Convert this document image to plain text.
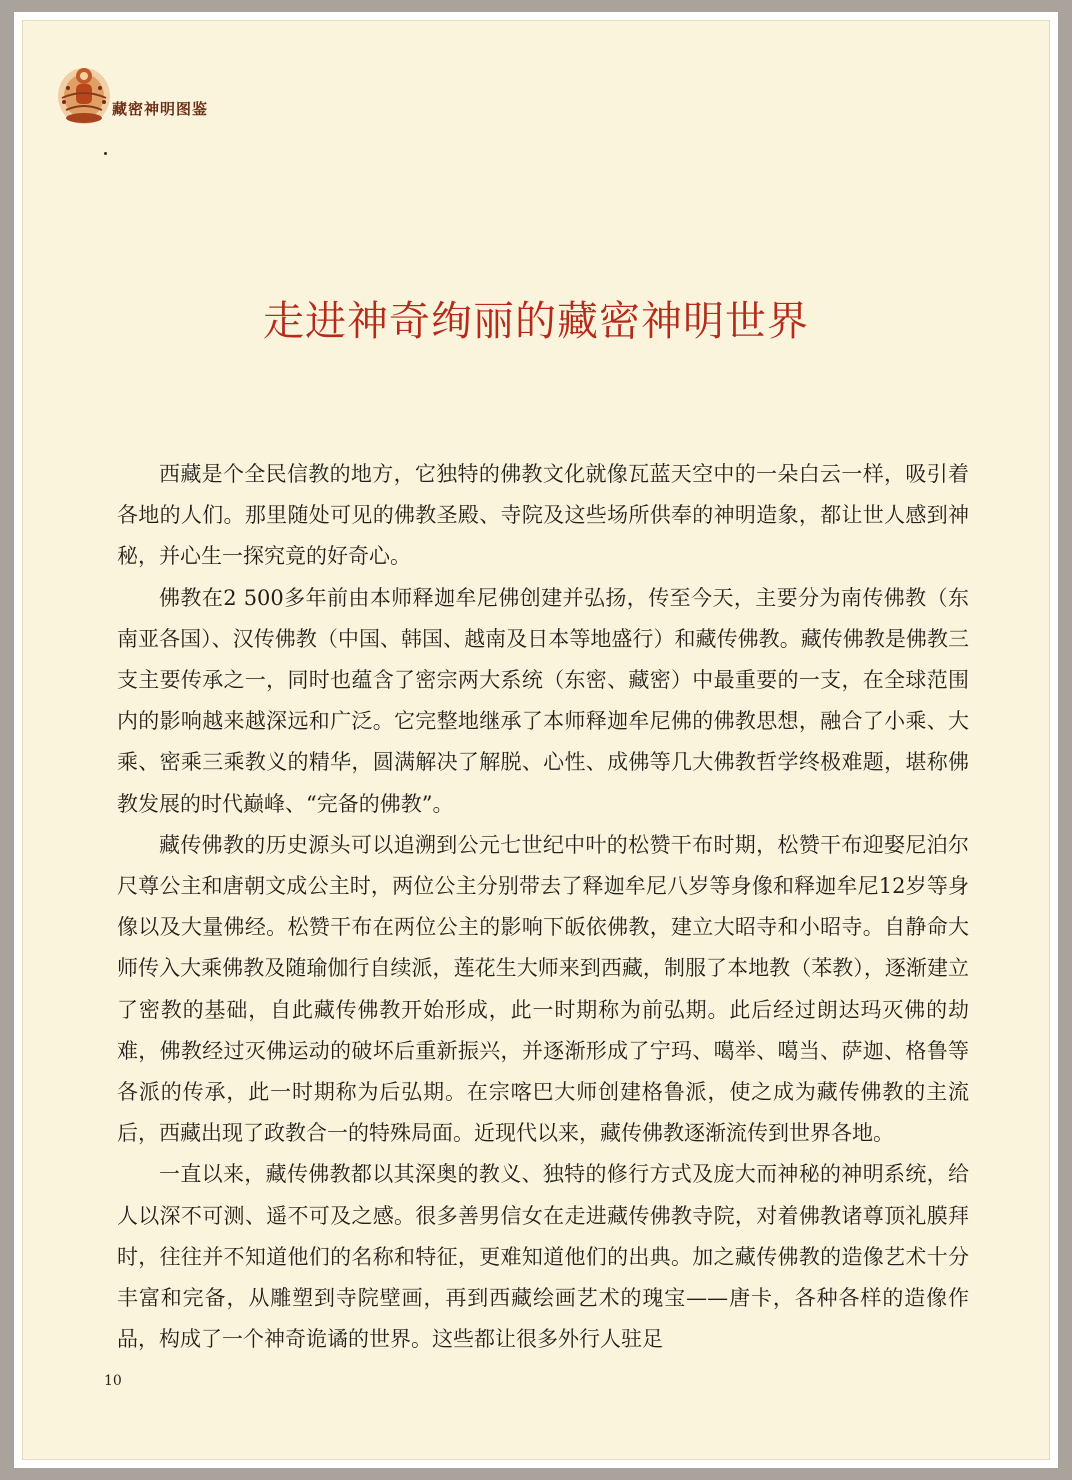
藏密神明图鉴
走进神奇绚丽的藏密神明世界

西藏是个全民信教的地方，它独特的佛教文化就像瓦蓝天空中的一朵白云一样，吸引着各地的人们。那里随处可见的佛教圣殿、寺院及这些场所供奉的神明造象，都让世人感到神秘，并心生一探究竟的好奇心。

佛教在2 500多年前由本师释迦牟尼佛创建并弘扬，传至今天，主要分为南传佛教（东南亚各国）、汉传佛教（中国、韩国、越南及日本等地盛行）和藏传佛教。藏传佛教是佛教三支主要传承之一，同时也蕴含了密宗两大系统（东密、藏密）中最重要的一支，在全球范围内的影响越来越深远和广泛。它完整地继承了本师释迦牟尼佛的佛教思想，融合了小乘、大乘、密乘三乘教义的精华，圆满解决了解脱、心性、成佛等几大佛教哲学终极难题，堪称佛教发展的时代巅峰、“完备的佛教”。

藏传佛教的历史源头可以追溯到公元七世纪中叶的松赞干布时期，松赞干布迎娶尼泊尔尺尊公主和唐朝文成公主时，两位公主分别带去了释迦牟尼八岁等身像和释迦牟尼12岁等身像以及大量佛经。松赞干布在两位公主的影响下皈依佛教，建立大昭寺和小昭寺。自静命大师传入大乘佛教及随瑜伽行自续派，莲花生大师来到西藏，制服了本地教（苯教），逐渐建立了密教的基础，自此藏传佛教开始形成，此一时期称为前弘期。此后经过朗达玛灭佛的劫难，佛教经过灭佛运动的破坏后重新振兴，并逐渐形成了宁玛、噶举、噶当、萨迦、格鲁等各派的传承，此一时期称为后弘期。在宗喀巴大师创建格鲁派，使之成为藏传佛教的主流后，西藏出现了政教合一的特殊局面。近现代以来，藏传佛教逐渐流传到世界各地。

一直以来，藏传佛教都以其深奥的教义、独特的修行方式及庞大而神秘的神明系统，给人以深不可测、遥不可及之感。很多善男信女在走进藏传佛教寺院，对着佛教诸尊顶礼膜拜时，往往并不知道他们的名称和特征，更难知道他们的出典。加之藏传佛教的造像艺术十分丰富和完备，从雕塑到寺院壁画，再到西藏绘画艺术的瑰宝——唐卡，各种各样的造像作品，构成了一个神奇诡谲的世界。这些都让很多外行人驻足

10
